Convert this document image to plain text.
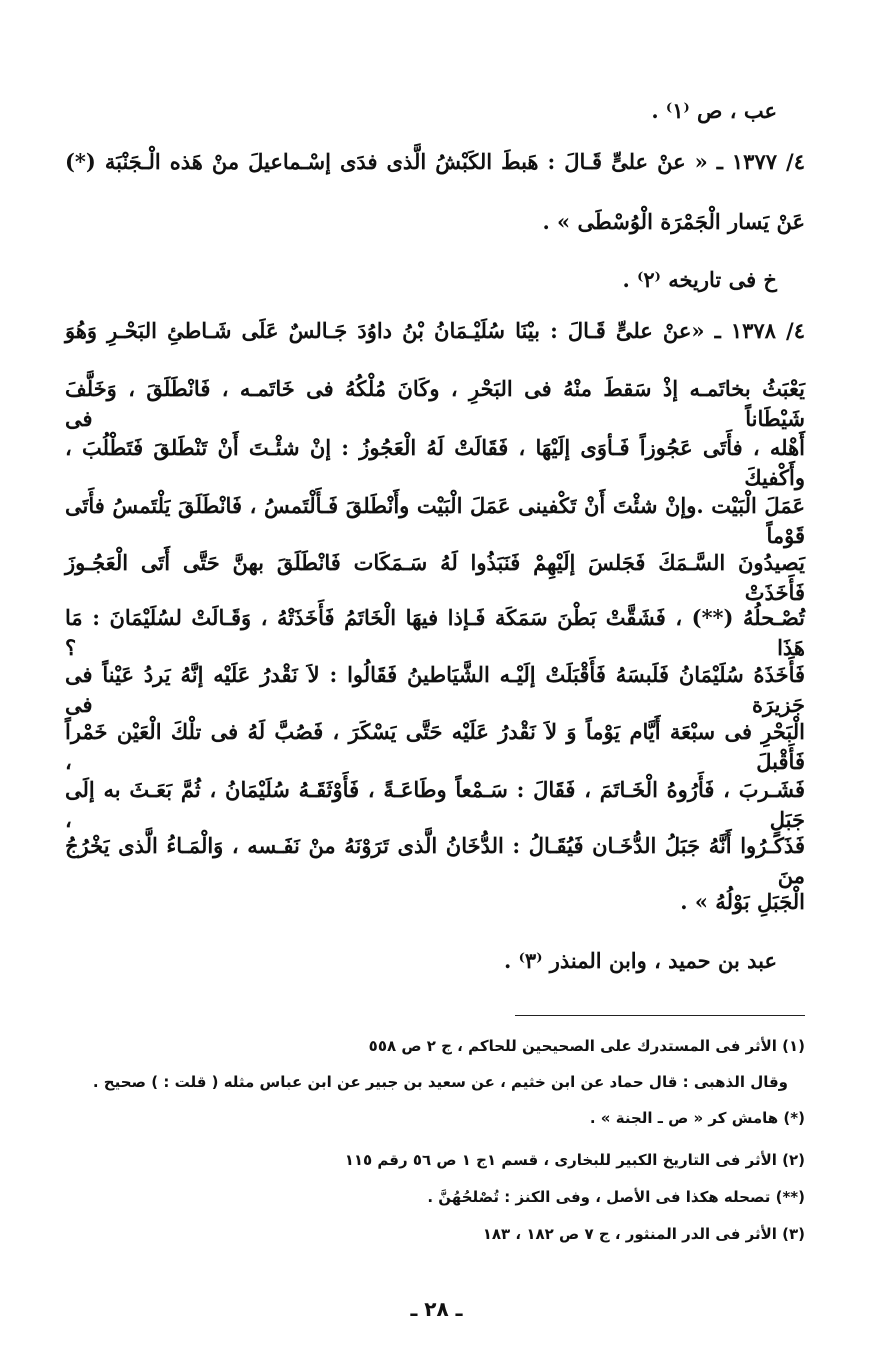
عب ، ص ⁽١⁾ .
٤/ ١٣٧٧ ـ « عنْ علىٍّ قَـالَ : هَبطَ الكَبْشُ الَّذى فدَى إسْـماعيلَ منْ هَذه الْـجَنْبَة (*)
عَنْ يَسار الْجَمْرَة الْوُسْطَى » .
خ فى تاريخه ⁽٢⁾ .
٤/ ١٣٧٨ ـ «عنْ علىٍّ قَـالَ : بيْنَا سُلَيْـمَانُ بْنُ داوُدَ جَـالسٌ عَلَى شَـاطئِ البَحْـرِ وَهُوَ
يَعْبَثُ بخاتَمـه إذْ سَقطَ منْهُ فى البَحْرِ ، وكَانَ مُلْكُهُ فى خَاتَمـه ، فَانْطَلَقَ ، وَخَلَّفَ شَيْطَاناً فى
أَهْله ، فأَتَى عَجُوزاً فَـأوَى إلَيْهَا ، فَقَالَتْ لَهُ الْعَجُوزُ : إنْ شئْـتَ أَنْ تَنْطَلقَ فَتَطْلُبَ ، وأَكْفيكَ
عَمَلَ الْبَيْت .وإنْ شئْتَ أَنْ تَكْفينى عَمَلَ الْبَيْت وأَنْطَلقَ فَـأَلْتَمسُ ، فَانْطَلَقَ يَلْتَمسُ فأَتَى قَوْماً
يَصيدُونَ السَّـمَكَ فَجَلسَ إلَيْهِمْ فَنَبَذُوا لَهُ سَـمَكَات فَانْطَلَقَ بهنَّ حَتَّى أَتَى الْعَجُـوزَ فَأَخَذَتْ
تُصْـحلُهُ (**) ، فَشَقَّتْ بَطْنَ سَمَكَة فَـإذا فيهَا الْخَاتَمُ فَأَخَذَتْهُ ، وَقَـالَتْ لسُلَيْمَانَ : مَا هَذَا ؟
فَأَخَذَهُ سُلَيْمَانُ فَلَبسَهُ فَأَقْبَلَتْ إلَيْـه الشَّيَاطينُ فَقَالُوا : لاَ نَقْدرُ عَلَيْه إنَّهُ يَردُ عَيْناً فى جَزيرَة فى
الْبَحْرِ فى سبْعَة أَيَّام يَوْماً وَ لاَ نَقْدرُ عَلَيْه حَتَّى يَسْكَرَ ، فَصُبَّ لَهُ فى تلْكَ الْعَيْن خَمْراً فَأَقْبلَ ،
فَشَـربَ ، فَأَرُوهُ الْخَـاتَمَ ، فَقَالَ : سَـمْعاً وطَاعَـةً ، فَأَوْثَقَـهُ سُلَيْمَانُ ، ثُمَّ بَعَـثَ به إلَى جَبَلٍ ،
فَذَكَـرُوا أَنَّهُ جَبَلُ الدُّخَـان فَيُقَـالُ : الدُّخَانُ الَّذى تَرَوْنَهُ منْ نَفَـسه ، وَالْمَـاءُ الَّذى يَخْرُجُ منَ
الْجَبَلِ بَوْلُهُ » .
عبد بن حميد ، وابن المنذر ⁽٣⁾ .
(١) الأثر فى المستدرك على الصحيحين للحاكم ، ج ٢ ص ٥٥٨
وقال الذهبى : قال حماد عن ابن خثيم ، عن سعيد بن جبير عن ابن عباس مثله ( قلت : ) صحيح .
(*) هامش كر « ص ـ الجنة » .
(٢) الأثر فى التاريخ الكبير للبخارى ، قسم ١ج ١ ص ٥٦ رقم ١١٥
(**) تصحله هكذا فى الأصل ، وفى الكنز : تُصْلحُهُنَّ .
(٣) الأثر فى الدر المنثور ، ج ٧ ص ١٨٢ ، ١٨٣
ـ ٢٨ ـ
